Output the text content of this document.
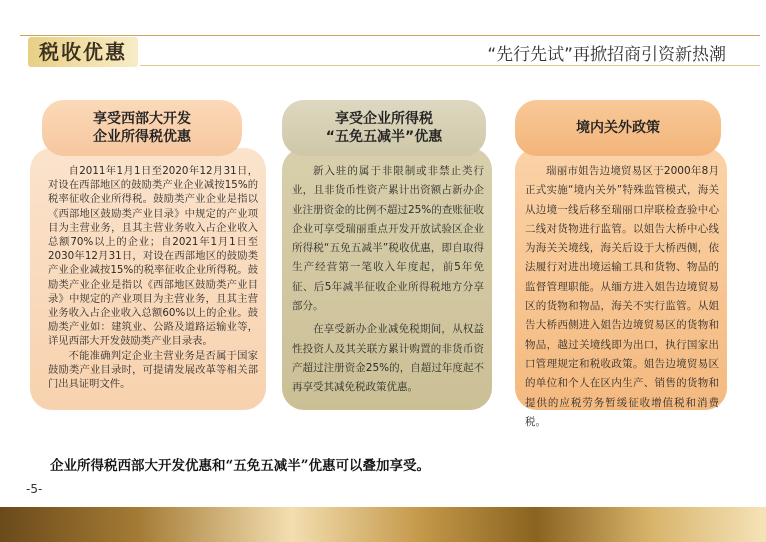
税收优惠	“先行先试”再掀招商引资新热潮

自2011年1月1日至2020年12月31日，对设在西部地区的鼓励类产业企业减按15%的税率征收企业所得税。鼓励类产业企业是指以《西部地区鼓励类产业目录》中规定的产业项目为主营业务，且其主营业务收入占企业收入总额70%以上的企业；自2021年1月1日至2030年12月31日，对设在西部地区的鼓励类产业企业减按15%的税率征收企业所得税。鼓励类产业企业是指以《西部地区鼓励类产业目录》中规定的产业项目为主营业务，且其主营业务收入占企业收入总额60%以上的企业。鼓励类产业如：建筑业、公路及道路运输业等，详见西部大开发鼓励类产业目录表。

不能准确判定企业主营业务是否属于国家鼓励类产业目录时，可提请发展改革等相关部门出具证明文件。

享受西部大开发
企业所得税优惠

新入驻的属于非限制或非禁止类行业，且非货币性资产累计出资额占新办企业注册资金的比例不超过25%的查账征收企业可享受瑞丽重点开发开放试验区企业所得税“五免五减半”税收优惠，即自取得生产经营第一笔收入年度起，前5年免征、后5年减半征收企业所得税地方分享部分。

在享受新办企业减免税期间，从权益性投资人及其关联方累计购置的非货币资产超过注册资金25%的，自超过年度起不再享受其减免税政策优惠。

享受企业所得税
“五免五减半”优惠

瑞丽市姐告边境贸易区于2000年8月正式实施“境内关外”特殊监管模式，海关从边境一线后移至瑞丽口岸联检查验中心二线对货物进行监管。以姐告大桥中心线为海关关境线，海关后设于大桥西侧，依法履行对进出境运输工具和货物、物品的监督管理职能。从缅方进入姐告边境贸易区的货物和物品，海关不实行监管。从姐告大桥西侧进入姐告边境贸易区的货物和物品，越过关境线即为出口，执行国家出口管理规定和税收政策。姐告边境贸易区的单位和个人在区内生产、销售的货物和提供的应税劳务暂缓征收增值税和消费税。

境内关外政策
企业所得税西部大开发优惠和“五免五减半”优惠可以叠加享受。
-5-
